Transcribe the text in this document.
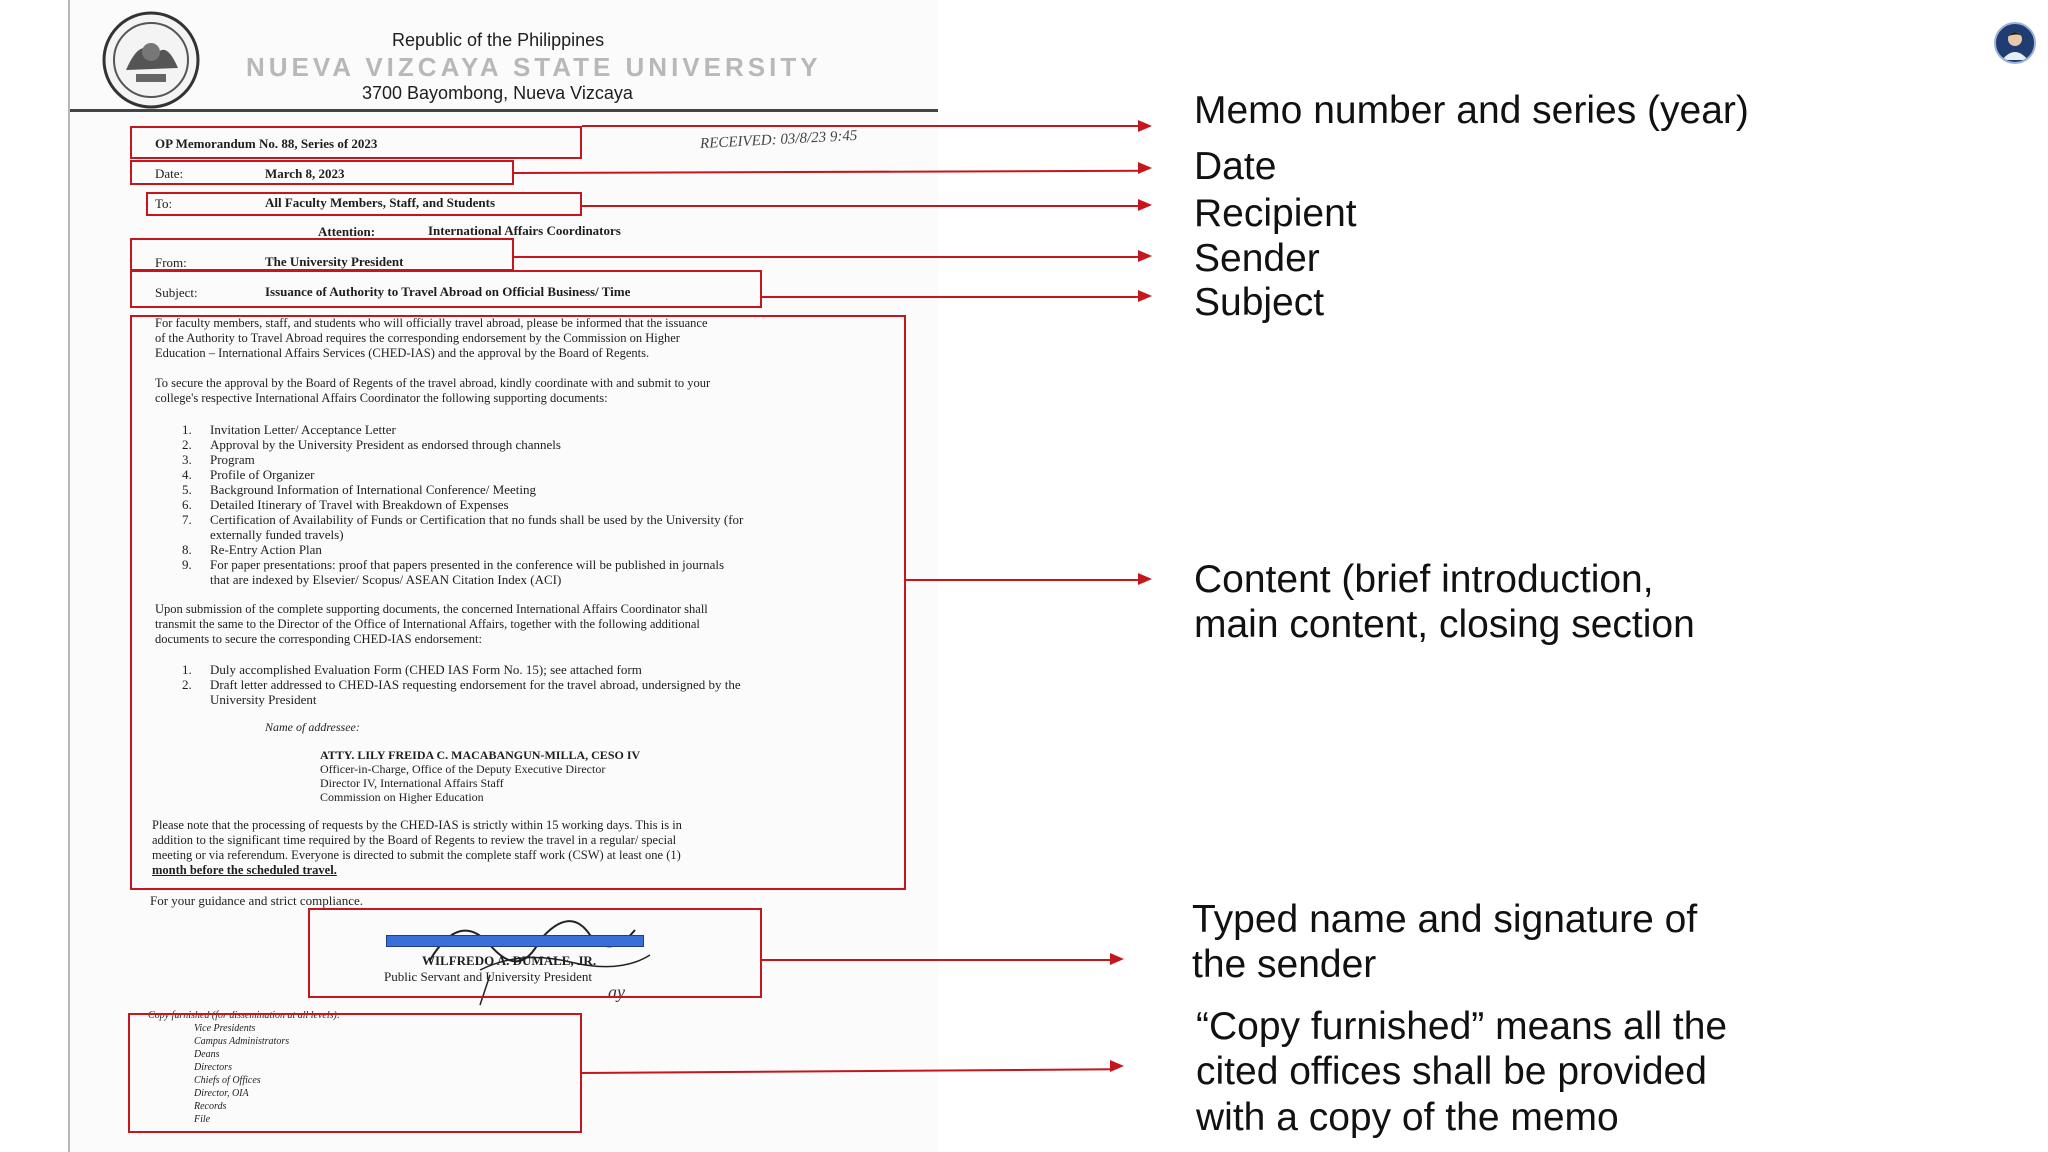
Republic of the Philippines
NUEVA VIZCAYA STATE UNIVERSITY
3700 Bayombong, Nueva Vizcaya
RECEIVED: 03/8/23 9:45
OP Memorandum No. 88, Series of 2023
Date:	March 8, 2023
To:	All Faculty Members, Staff, and Students
Attention:	International Affairs Coordinators
From:	The University President
Subject:	Issuance of Authority to Travel Abroad on Official Business/ Time
For faculty members, staff, and students who will officially travel abroad, please be informed that the issuance
of the Authority to Travel Abroad requires the corresponding endorsement by the Commission on Higher
Education – International Affairs Services (CHED-IAS) and the approval by the Board of Regents.
To secure the approval by the Board of Regents of the travel abroad, kindly coordinate with and submit to your
college's respective International Affairs Coordinator the following supporting documents:
1. Invitation Letter/ Acceptance Letter
2. Approval by the University President as endorsed through channels
3. Program
4. Profile of Organizer
5. Background Information of International Conference/ Meeting
6. Detailed Itinerary of Travel with Breakdown of Expenses
7. Certification of Availability of Funds or Certification that no funds shall be used by the University (for
externally funded travels)
8. Re-Entry Action Plan
9. For paper presentations: proof that papers presented in the conference will be published in journals
that are indexed by Elsevier/ Scopus/ ASEAN Citation Index (ACI)
Upon submission of the complete supporting documents, the concerned International Affairs Coordinator shall
transmit the same to the Director of the Office of International Affairs, together with the following additional
documents to secure the corresponding CHED-IAS endorsement:
1. Duly accomplished Evaluation Form (CHED IAS Form No. 15); see attached form
2. Draft letter addressed to CHED-IAS requesting endorsement for the travel abroad, undersigned by the
University President
Name of addressee:
ATTY. LILY FREIDA C. MACABANGUN-MILLA, CESO IV
Officer-in-Charge, Office of the Deputy Executive Director
Director IV, International Affairs Staff
Commission on Higher Education
Please note that the processing of requests by the CHED-IAS is strictly within 15 working days. This is in
addition to the significant time required by the Board of Regents to review the travel in a regular/ special
meeting or via referendum. Everyone is directed to submit the complete staff work (CSW) at least one (1)
month before the scheduled travel.
For your guidance and strict compliance.
WILFREDO A. DUMALE, JR.
Public Servant and University President
ay
Copy furnished (for dissemination at all levels):
Vice Presidents
Campus Administrators
Deans
Directors
Chiefs of Offices
Director, OIA
Records
File
Memo number and series (year)
Date
Recipient
Sender
Subject
Content (brief introduction,
main content, closing section
Typed name and signature of
the sender
“Copy furnished” means all the
cited offices shall be provided
with a copy of the memo
